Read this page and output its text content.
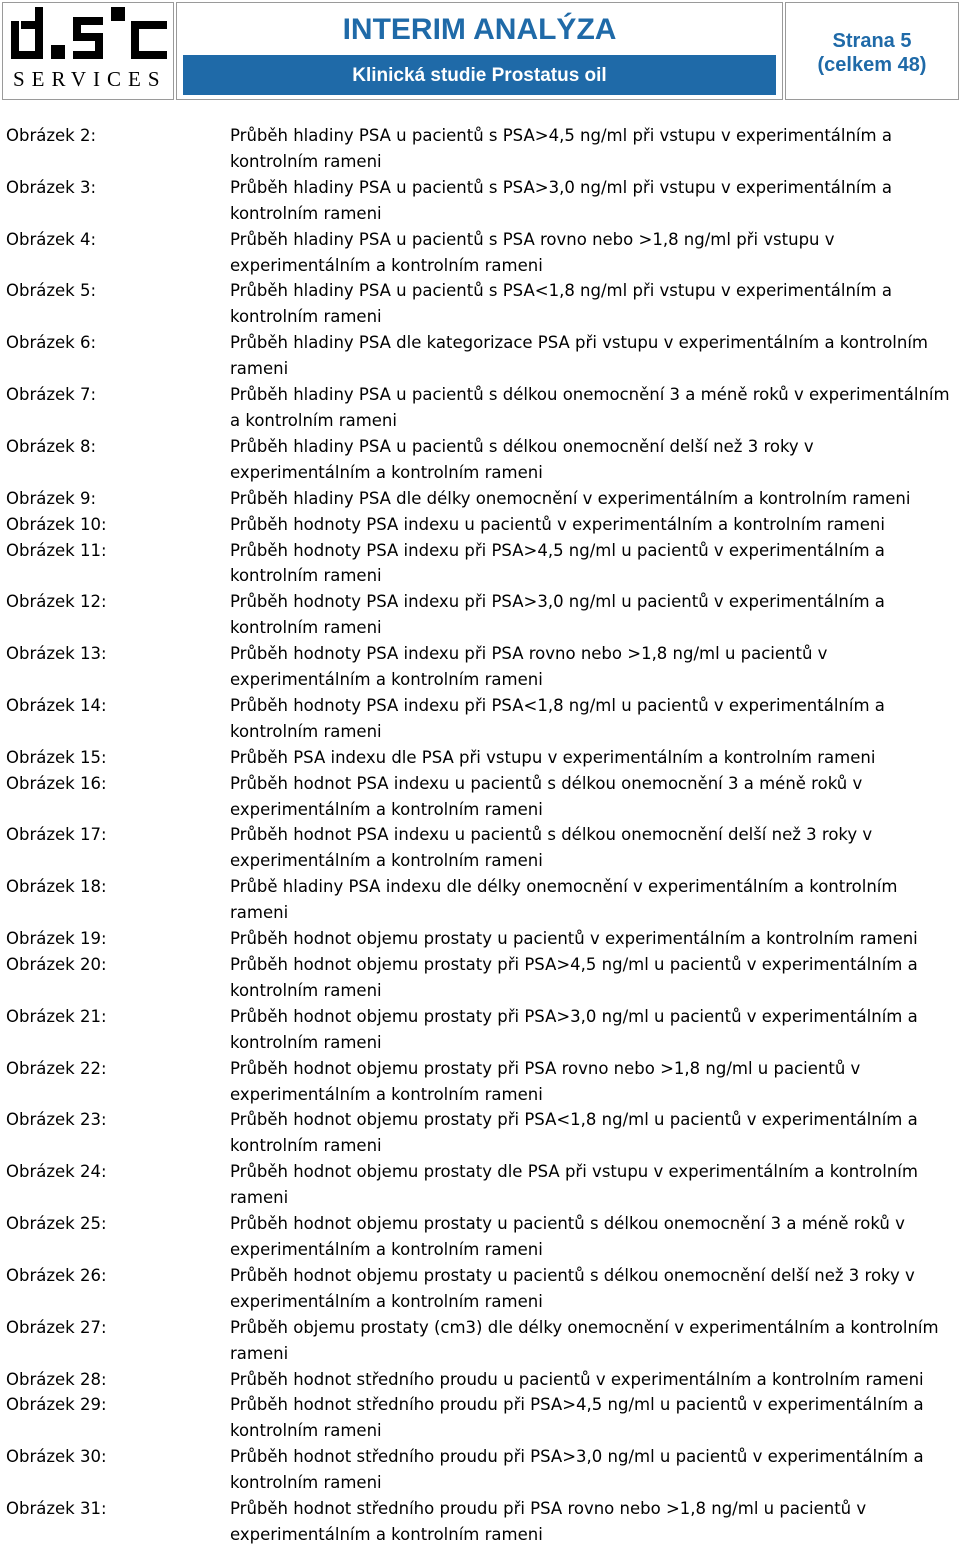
SERVICES
INTERIM ANALÝZA
Klinická studie Prostatus oil
Strana 5
(celkem 48)
Obrázek 2:	Průběh hladiny PSA u pacientů s PSA>4,5 ng/ml při vstupu v experimentálním a kontrolním rameni
Obrázek 3:	Průběh hladiny PSA u pacientů s PSA>3,0 ng/ml při vstupu v experimentálním a kontrolním rameni
Obrázek 4:	Průběh hladiny PSA u pacientů s PSA rovno nebo >1,8 ng/ml při vstupu v experimentálním a kontrolním rameni
Obrázek 5:	Průběh hladiny PSA u pacientů s PSA<1,8 ng/ml při vstupu v experimentálním a kontrolním rameni
Obrázek 6:	Průběh hladiny PSA dle kategorizace PSA při vstupu v experimentálním a kontrolním rameni
Obrázek 7:	Průběh hladiny PSA u pacientů s délkou onemocnění 3 a méně roků v experimentálním a kontrolním rameni
Obrázek 8:	Průběh hladiny PSA u pacientů s délkou onemocnění delší než 3 roky v experimentálním a kontrolním rameni
Obrázek 9:	Průběh hladiny PSA dle délky onemocnění v experimentálním a kontrolním rameni
Obrázek 10:	Průběh hodnoty PSA indexu u pacientů v experimentálním a kontrolním rameni
Obrázek 11:	Průběh hodnoty PSA indexu při PSA>4,5 ng/ml u pacientů v experimentálním a kontrolním rameni
Obrázek 12:	Průběh hodnoty PSA indexu při PSA>3,0 ng/ml u pacientů v experimentálním a kontrolním rameni
Obrázek 13:	Průběh hodnoty PSA indexu při PSA rovno nebo >1,8 ng/ml u pacientů v experimentálním a kontrolním rameni
Obrázek 14:	Průběh hodnoty PSA indexu při PSA<1,8 ng/ml u pacientů v experimentálním a kontrolním rameni
Obrázek 15:	Průběh PSA indexu dle PSA při vstupu v experimentálním a kontrolním rameni
Obrázek 16:	Průběh hodnot PSA indexu u pacientů s délkou onemocnění 3 a méně roků v experimentálním a kontrolním rameni
Obrázek 17:	Průběh hodnot PSA indexu u pacientů s délkou onemocnění delší než 3 roky v experimentálním a kontrolním rameni
Obrázek 18:	Průbě hladiny PSA indexu dle délky onemocnění v experimentálním a kontrolním rameni
Obrázek 19:	Průběh hodnot objemu prostaty u pacientů v experimentálním a kontrolním rameni
Obrázek 20:	Průběh hodnot objemu prostaty při PSA>4,5 ng/ml u pacientů v experimentálním a kontrolním rameni
Obrázek 21:	Průběh hodnot objemu prostaty při PSA>3,0 ng/ml u pacientů v experimentálním a kontrolním rameni
Obrázek 22:	Průběh hodnot objemu prostaty při PSA rovno nebo >1,8 ng/ml u pacientů v experimentálním a kontrolním rameni
Obrázek 23:	Průběh hodnot objemu prostaty při PSA<1,8 ng/ml u pacientů v experimentálním a kontrolním rameni
Obrázek 24:	Průběh hodnot objemu prostaty dle PSA při vstupu v experimentálním a kontrolním rameni
Obrázek 25:	Průběh hodnot objemu prostaty u pacientů s délkou onemocnění 3 a méně roků v experimentálním a kontrolním rameni
Obrázek 26:	Průběh hodnot objemu prostaty u pacientů s délkou onemocnění delší než 3 roky v experimentálním a kontrolním rameni
Obrázek 27:	Průběh objemu prostaty (cm3) dle délky onemocnění v experimentálním a kontrolním rameni
Obrázek 28:	Průběh hodnot středního proudu u pacientů v experimentálním a kontrolním rameni
Obrázek 29:	Průběh hodnot středního proudu při PSA>4,5 ng/ml u pacientů v experimentálním a kontrolním rameni
Obrázek 30:	Průběh hodnot středního proudu při PSA>3,0 ng/ml u pacientů v experimentálním a kontrolním rameni
Obrázek 31:	Průběh hodnot středního proudu při PSA rovno nebo >1,8 ng/ml u pacientů v experimentálním a kontrolním rameni
